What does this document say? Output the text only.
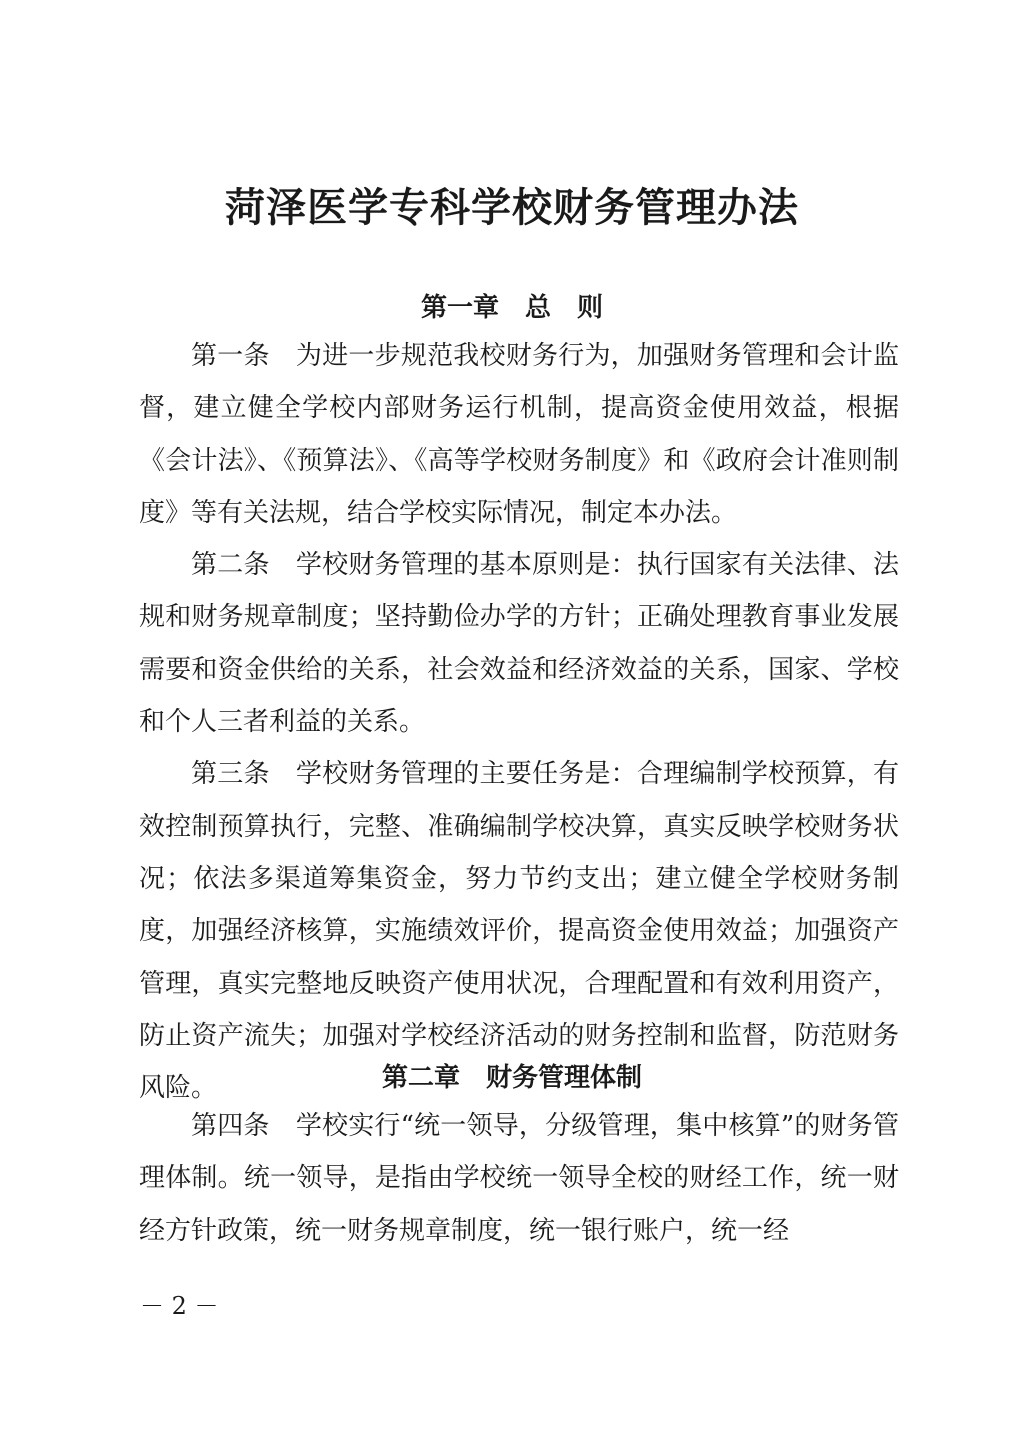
菏泽医学专科学校财务管理办法
第一章　总　则

第一条　 为进一步规范我校财务行为，加强财务管理和会计监督，建立健全学校内部财务运行机制，提高资金使用效益，根据《会计法》、《预算法》、《高等学校财务制度》和《政府会计准则制度》等有关法规，结合学校实际情况，制定本办法。

第二条　 学校财务管理的基本原则是：执行国家有关法律、法规和财务规章制度；坚持勤俭办学的方针；正确处理教育事业发展需要和资金供给的关系，社会效益和经济效益的关系，国家、学校和个人三者利益的关系。

第三条　 学校财务管理的主要任务是：合理编制学校预算，有效控制预算执行，完整、准确编制学校决算，真实反映学校财务状况；依法多渠道筹集资金，努力节约支出；建立健全学校财务制度，加强经济核算，实施绩效评价，提高资金使用效益；加强资产管理，真实完整地反映资产使用状况，合理配置和有效利用资产，防止资产流失；加强对学校经济活动的财务控制和监督，防范财务风险。	第二章　财务管理体制

第四条　 学校实行“统一领导，分级管理，集中核算”的财务管理体制。统一领导，是指由学校统一领导全校的财经工作，统一财经方针政策，统一财务规章制度，统一银行账户，统一经

－ 2 －
